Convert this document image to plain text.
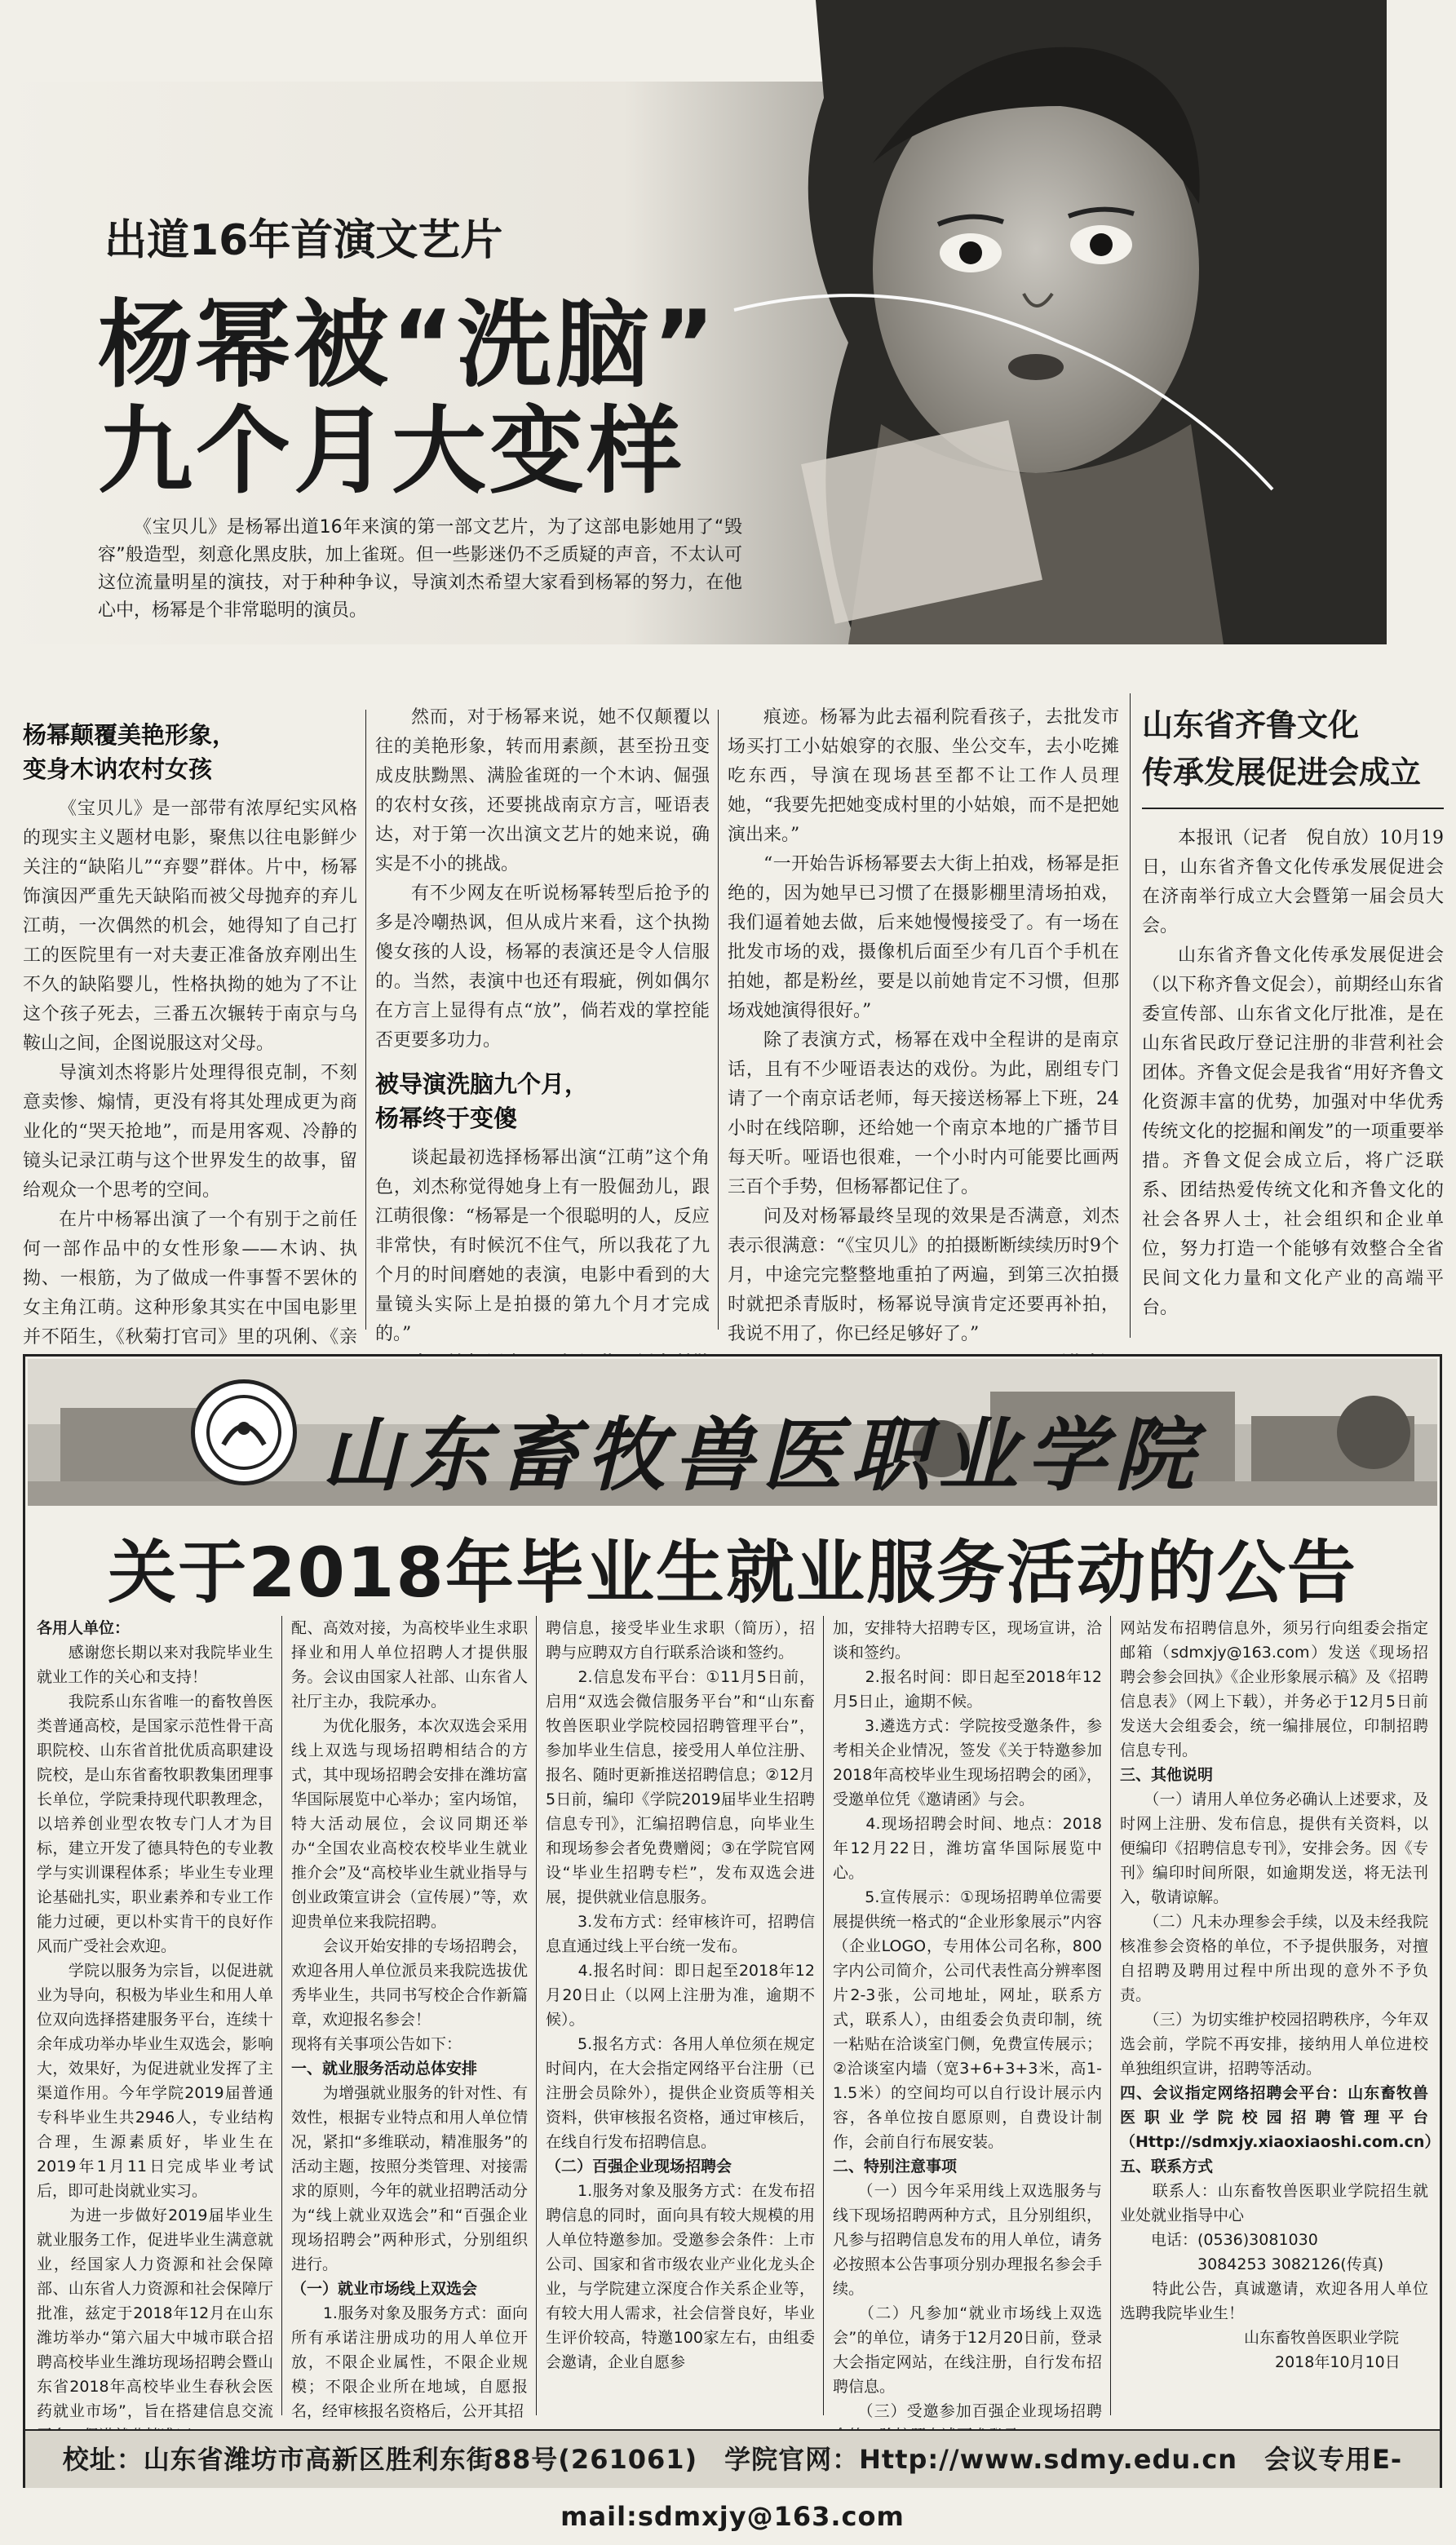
出道16年首演文艺片
杨幂被“洗脑”
九个月大变样
《宝贝儿》是杨幂出道16年来演的第一部文艺片，为了这部电影她用了“毁容”般造型，刻意化黑皮肤，加上雀斑。但一些影迷仍不乏质疑的声音，不太认可这位流量明星的演技，对于种种争议，导演刘杰希望大家看到杨幂的努力，在他心中，杨幂是个非常聪明的演员。
杨幂颠覆美艳形象，
变身木讷农村女孩

《宝贝儿》是一部带有浓厚纪实风格的现实主义题材电影，聚焦以往电影鲜少关注的“缺陷儿”“弃婴”群体。片中，杨幂饰演因严重先天缺陷而被父母抛弃的弃儿江萌，一次偶然的机会，她得知了自己打工的医院里有一对夫妻正准备放弃刚出生不久的缺陷婴儿，性格执拗的她为了不让这个孩子死去，三番五次辗转于南京与乌鞍山之间，企图说服这对父母。

导演刘杰将影片处理得很克制，不刻意卖惨、煽情，更没有将其处理成更为商业化的“哭天抢地”，而是用客观、冷静的镜头记录江萌与这个世界发生的故事，留给观众一个思考的空间。

在片中杨幂出演了一个有别于之前任何一部作品中的女性形象——木讷、执拗、一根筋，为了做成一件事誓不罢休的女主角江萌。这种形象其实在中国电影里并不陌生，《秋菊打官司》里的巩俐、《亲

然而，对于杨幂来说，她不仅颠覆以往的美艳形象，转而用素颜，甚至扮丑变成皮肤黝黑、满脸雀斑的一个木讷、倔强的农村女孩，还要挑战南京方言，哑语表达，对于第一次出演文艺片的她来说，确实是不小的挑战。

有不少网友在听说杨幂转型后抢予的多是冷嘲热讽，但从成片来看，这个执拗傻女孩的人设，杨幂的表演还是令人信服的。当然，表演中也还有瑕疵，例如偶尔在方言上显得有点“放”，倘若戏的掌控能否更要多功力。

被导演洗脑九个月，
杨幂终于变傻

谈起最初选择杨幂出演“江萌”这个角色，刘杰称觉得她身上有一股倔劲儿，跟江萌很像：“杨幂是一个很聪明的人，反应非常快，有时候沉不住气，所以我花了九个月的时间磨她的表演，电影中看到的大量镜头实际上是拍摄的第九个月才完成的。”

痕迹。杨幂为此去福利院看孩子，去批发市场买打工小姑娘穿的衣服、坐公交车，去小吃摊吃东西，导演在现场甚至都不让工作人员理她，“我要先把她变成村里的小姑娘，而不是把她演出来。”

“一开始告诉杨幂要去大街上拍戏，杨幂是拒绝的，因为她早已习惯了在摄影棚里清场拍戏，我们逼着她去做，后来她慢慢接受了。有一场在批发市场的戏，摄像机后面至少有几百个手机在拍她，都是粉丝，要是以前她肯定不习惯，但那场戏她演得很好。”

除了表演方式，杨幂在戏中全程讲的是南京话，且有不少哑语表达的戏份。为此，剧组专门请了一个南京话老师，每天接送杨幂上下班，24小时在线陪聊，还给她一个南京本地的广播节目每天听。哑语也很难，一个小时内可能要比画两三百个手势，但杨幂都记住了。

问及对杨幂最终呈现的效果是否满意，刘杰表示很满意：“《宝贝儿》的拍摄断断续续历时9个月，中途完完整整地重拍了两遍，到第三次拍摄时就把杀青版时，杨幂说导演肯定还要再补拍，我说不用了，你已经足够好了。”

山东省齐鲁文化
传承发展促进会成立

本报讯（记者　倪自放）10月19日，山东省齐鲁文化传承发展促进会在济南举行成立大会暨第一届会员大会。

山东省齐鲁文化传承发展促进会（以下称齐鲁文促会），前期经山东省委宣传部、山东省文化厅批准，是在山东省民政厅登记注册的非营利社会团体。齐鲁文促会是我省“用好齐鲁文化资源丰富的优势，加强对中华优秀传统文化的挖掘和阐发”的一项重要举措。齐鲁文促会成立后，将广泛联系、团结热爱传统文化和齐鲁文化的社会各界人士，社会组织和企业单位，努力打造一个能够有效整合全省民间文化力量和文化产业的高端平台。

山东畜牧兽医职业学院
关于2018年毕业生就业服务活动的公告

各用人单位：

　　感谢您长期以来对我院毕业生就业工作的关心和支持！

　　我院系山东省唯一的畜牧兽医类普通高校，是国家示范性骨干高职院校、山东省首批优质高职建设院校，是山东省畜牧职教集团理事长单位，学院秉持现代职教理念，以培养创业型农牧专门人才为目标，建立开发了德具特色的专业教学与实训课程体系；毕业生专业理论基础扎实，职业素养和专业工作能力过硬，更以朴实肯干的良好作风而广受社会欢迎。

　　学院以服务为宗旨，以促进就业为导向，积极为毕业生和用人单位双向选择搭建服务平台，连续十余年成功举办毕业生双选会，影响大，效果好，为促进就业发挥了主渠道作用。今年学院2019届普通专科毕业生共2946人，专业结构合理，生源素质好，毕业生在2019年1月11日完成毕业考试后，即可赴岗就业实习。

　　为进一步做好2019届毕业生就业服务工作，促进毕业生满意就业，经国家人力资源和社会保障部、山东省人力资源和社会保障厅批准，兹定于2018年12月在山东潍坊举办“第六届大中城市联合招聘高校毕业生潍坊现场招聘会暨山东省2018年高校毕业生春秋会医药就业市场”，旨在搭建信息交流

配、高效对接，为高校毕业生求职择业和用人单位招聘人才提供服务。会议由国家人社部、山东省人社厅主办，我院承办。

　　为优化服务，本次双选会采用线上双选与现场招聘相结合的方式，其中现场招聘会安排在潍坊富华国际展览中心举办；室内场馆，特大活动展位，会议同期还举办“全国农业高校农校毕业生就业推介会”及“高校毕业生就业指导与创业政策宣讲会（宣传展）”等，欢迎贵单位来我院招聘。

　　会议开始安排的专场招聘会，欢迎各用人单位派员来我院选拔优秀毕业生，共同书写校企合作新篇章，欢迎报名参会！

现将有关事项公告如下：

一、就业服务活动总体安排

　　为增强就业服务的针对性、有效性，根据专业特点和用人单位情况，紧扣“多维联动，精准服务”的活动主题，按照分类管理、对接需求的原则，今年的就业招聘活动分为“线上就业双选会”和“百强企业现场招聘会”两种形式，分别组织进行。

（一）就业市场线上双选会

　　1.服务对象及服务方式：面向所有承诺注册成功的用人单位开放，不限企业属性，不限企业规模；不限企业所在地域，自愿报名，经审核报名资格后，公开其招

聘信息，接受毕业生求职（简历），招聘与应聘双方自行联系洽谈和签约。

　　2.信息发布平台：①11月5日前，启用“双选会微信服务平台”和“山东畜牧兽医职业学院校园招聘管理平台”，参加毕业生信息，接受用人单位注册、报名、随时更新推送招聘信息；②12月5日前，编印《学院2019届毕业生招聘信息专刊》，汇编招聘信息，向毕业生和现场参会者免费赠阅；③在学院官网设“毕业生招聘专栏”，发布双选会进展，提供就业信息服务。

　　3.发布方式：经审核许可，招聘信息直通过线上平台统一发布。

　　4.报名时间：即日起至2018年12月20日止（以网上注册为准，逾期不候）。

　　5.报名方式：各用人单位须在规定时间内，在大会指定网络平台注册（已注册会员除外），提供企业资质等相关资料，供审核报名资格，通过审核后，在线自行发布招聘信息。

（二）百强企业现场招聘会

　　1.服务对象及服务方式：在发布招聘信息的同时，面向具有较大规模的用人单位特邀参加。受邀参会条件：上市公司、国家和省市级农业产业化龙头企业，与学院建立深度合作关系企业等，有较大用人需求，社会信誉良好，毕业生评价较高，特邀100家左右，由组委会邀请，企业自愿参

加，安排特大招聘专区，现场宣讲，洽谈和签约。

　　2.报名时间：即日起至2018年12月5日止，逾期不候。

　　3.遴选方式：学院按受邀条件，参考相关企业情况，签发《关于特邀参加2018年高校毕业生现场招聘会的函》，受邀单位凭《邀请函》与会。

　　4.现场招聘会时间、地点：2018年12月22日，潍坊富华国际展览中心。

　　5.宣传展示：①现场招聘单位需要展提供统一格式的“企业形象展示”内容（企业LOGO，专用体公司名称，800字内公司简介，公司代表性高分辨率图片2-3张，公司地址，网址，联系方式，联系人），由组委会负责印制，统一粘贴在洽谈室门侧，免费宣传展示；②洽谈室内墙（宽3+6+3+3米，高1-1.5米）的空间均可以自行设计展示内容，各单位按自愿原则，自费设计制作，会前自行布展安装。

二、特别注意事项

　　（一）因今年采用线上双选服务与线下现场招聘两种方式，且分别组织，凡参与招聘信息发布的用人单位，请务必按照本公告事项分别办理报名参会手续。

　　（二）凡参加“就业市场线上双选会”的单位，请务于12月20日前，登录大会指定网站，在线注册，自行发布招聘信息。

　　（三）受邀参加百强企业现场招聘

网站发布招聘信息外，须另行向组委会指定邮箱（sdmxjy@163.com）发送《现场招聘会参会回执》《企业形象展示稿》及《招聘信息表》（网上下载），并务必于12月5日前发送大会组委会，统一编排展位，印制招聘信息专刊。

三、其他说明

　　（一）请用人单位务必确认上述要求，及时网上注册、发布信息，提供有关资料，以便编印《招聘信息专刊》，安排会务。因《专刊》编印时间所限，如逾期发送，将无法刊入，敬请谅解。

　　（二）凡未办理参会手续，以及未经我院核准参会资格的单位，不予提供服务，对擅自招聘及聘用过程中所出现的意外不予负责。

　　（三）为切实维护校园招聘秩序，今年双选会前，学院不再安排，接纳用人单位进校单独组织宣讲，招聘等活动。

四、会议指定网络招聘会平台：山东畜牧兽医职业学院校园招聘管理平台（Http://sdmxjy.xiaoxiaoshi.com.cn）

五、联系方式

　　联系人：山东畜牧兽医职业学院招生就业处就业指导中心

　　电话：(0536)3081030

　　　　　3084253 3082126(传真)

　　特此公告，真诚邀请，欢迎各用人单位选聘我院毕业生！

　　　　　　　　山东畜牧兽医职业学院

　　　　　　　　　　2018年10月10日

校址：山东省潍坊市高新区胜利东街88号(261061)　学院官网：Http://www.sdmy.edu.cn　会议专用E-mail:sdmxjy@163.com
